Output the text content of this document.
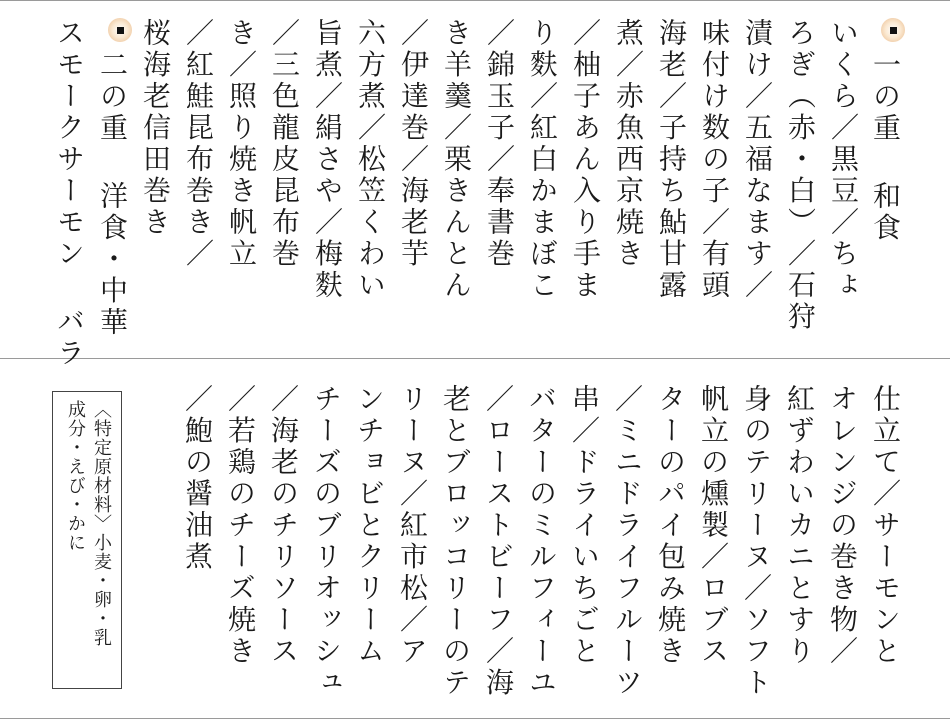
一の重 和食
いくら／黒豆／ちょ
ろぎ（赤・白）／石狩
漬け／五福なます／
味付け数の子／有頭
海老／子持ち鮎甘露
煮／赤魚西京焼き
／柚子あん入り手ま
り麩／紅白かまぼこ
／錦玉子／奉書巻
き羊羹／栗きんとん
／伊達巻／海老芋
六方煮／松笠くわい
旨煮／絹さや／梅麩
／三色龍皮昆布巻
き／照り焼き帆立
／紅鮭昆布巻き／
桜海老信田巻き
二の重 洋食・中華
スモークサーモン バラ
仕立て／サーモンと
オレンジの巻き物／
紅ずわいカニとすり
身のテリーヌ／ソフト
帆立の燻製／ロブス
ターのパイ包み焼き
／ミニドライフルーツ
串／ドライいちごと
バターのミルフィーユ
／ローストビーフ／海
老とブロッコリーのテ
リーヌ／紅市松／ア
ンチョビとクリーム
チーズのブリオッシュ
／海老のチリソース
／若鶏のチーズ焼き
／鮑の醤油煮
〈特定原材料〉小麦・卵・乳
成分・えび・かに
